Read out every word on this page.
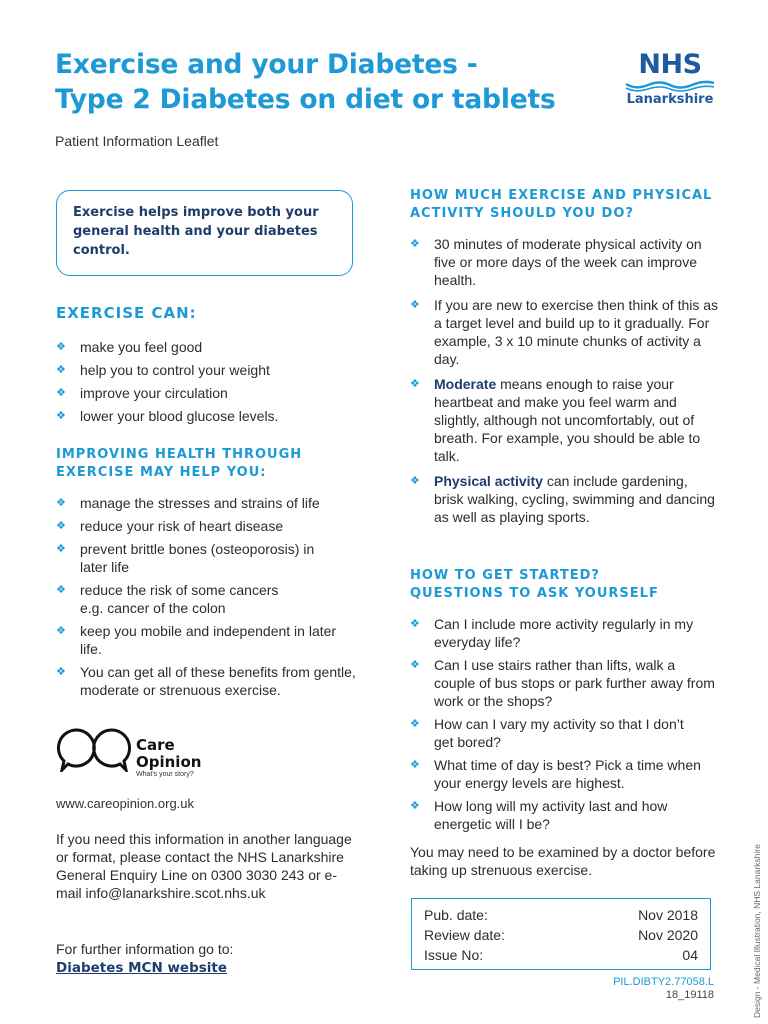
Exercise and your Diabetes -
Type 2 Diabetes on diet or tablets
Patient Information Leaflet
NHS
Lanarkshire
Exercise helps improve both your general health and your diabetes control.
EXERCISE CAN:
❖ make you feel good
❖ help you to control your weight
❖ improve your circulation
❖ lower your blood glucose levels.
IMPROVING HEALTH THROUGH
EXERCISE MAY HELP YOU:
❖ manage the stresses and strains of life
❖ reduce your risk of heart disease
❖ prevent brittle bones (osteoporosis) in later life
❖ reduce the risk of some cancers e.g. cancer of the colon
❖ keep you mobile and independent in later life.
❖ You can get all of these benefits from gentle, moderate or strenuous exercise.
Care
Opinion
What's your story?
www.careopinion.org.uk
If you need this information in another language or format, please contact the NHS Lanarkshire General Enquiry Line on 0300 3030 243 or e-mail info@lanarkshire.scot.nhs.uk
For further information go to:
Diabetes MCN website
HOW MUCH EXERCISE AND PHYSICAL
ACTIVITY SHOULD YOU DO?
❖ 30 minutes of moderate physical activity on five or more days of the week can improve health.
❖ If you are new to exercise then think of this as a target level and build up to it gradually. For example, 3 x 10 minute chunks of activity a day.
❖ Moderate means enough to raise your heartbeat and make you feel warm and slightly, although not uncomfortably, out of breath. For example, you should be able to talk.
❖ Physical activity can include gardening, brisk walking, cycling, swimming and dancing as well as playing sports.
HOW TO GET STARTED?
QUESTIONS TO ASK YOURSELF
❖ Can I include more activity regularly in my everyday life?
❖ Can I use stairs rather than lifts, walk a couple of bus stops or park further away from work or the shops?
❖ How can I vary my activity so that I don’t get bored?
❖ What time of day is best? Pick a time when your energy levels are highest.
❖ How long will my activity last and how energetic will I be?
You may need to be examined by a doctor before taking up strenuous exercise.
Pub. date:	Nov 2018
Review date:	Nov 2020
Issue No:	04
PIL.DIBTY2.77058.L
18_19118	Design - Medical Illustration, NHS Lanarkshire
